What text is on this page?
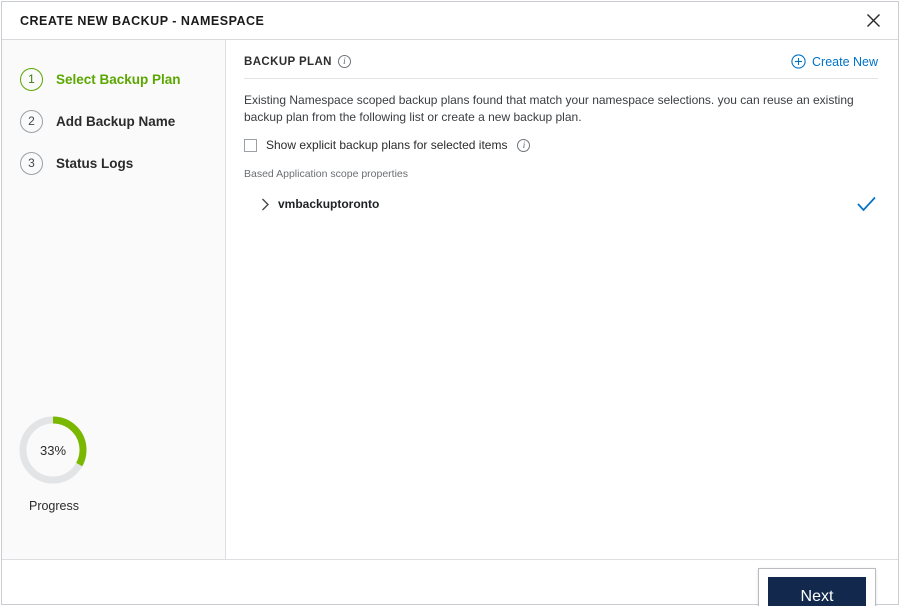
CREATE NEW BACKUP - NAMESPACE
1	Select Backup Plan
2	Add Backup Name
3	Status Logs
33%
Progress
BACKUP PLAN	i	Create New
Existing Namespace scoped backup plans found that match your namespace selections. you can reuse an existing backup plan from the following list or create a new backup plan.
Show explicit backup plans for selected items	i
Based Application scope properties
vmbackuptoronto
Next
